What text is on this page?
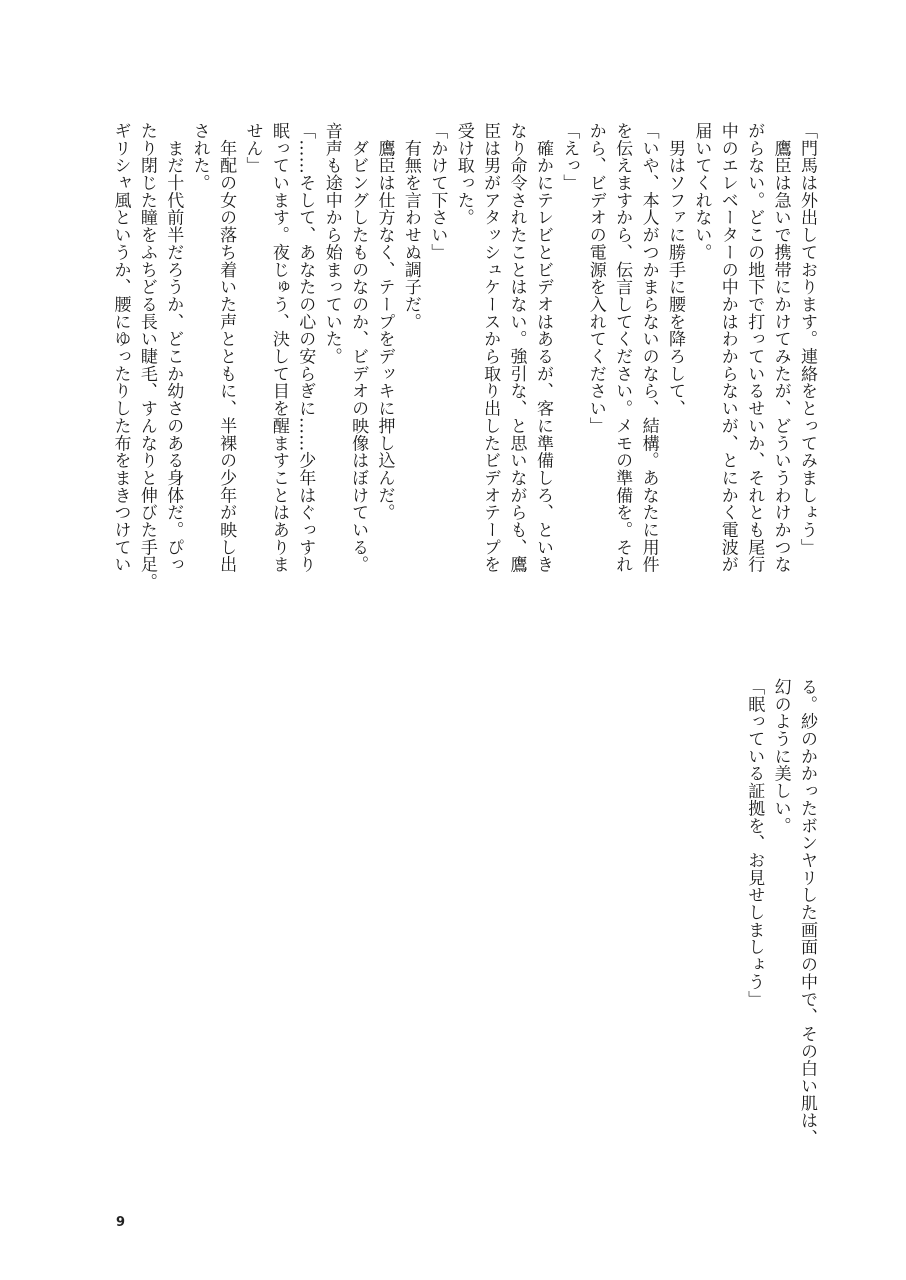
「門馬は外出しております。連絡をとってみましょう」

　鷹臣は急いで携帯にかけてみたが、どういうわけかつな

がらない。どこの地下で打っているせいか、それとも尾行

中のエレベーターの中かはわからないが、とにかく電波が

届いてくれない。

　男はソファに勝手に腰を降ろして、

「いや、本人がつかまらないのなら、結構。あなたに用件

を伝えますから、伝言してください。メモの準備を。それ

から、ビデオの電源を入れてください」

「えっ」

　確かにテレビとビデオはあるが、客に準備しろ、といき

なり命令されたことはない。強引な、と思いながらも、鷹

臣は男がアタッシュケースから取り出したビデオテープを

受け取った。

「かけて下さい」

　有無を言わせぬ調子だ。

　鷹臣は仕方なく、テープをデッキに押し込んだ。

　ダビングしたものなのか、ビデオの映像はぼけている。

音声も途中から始まっていた。

「……そして、あなたの心の安らぎに……少年はぐっすり

眠っています。夜じゅう、決して目を醒ますことはありま

せん」

　年配の女の落ち着いた声とともに、半裸の少年が映し出

された。

　まだ十代前半だろうか、どこか幼さのある身体だ。ぴっ

たり閉じた瞳をふちどる長い睫毛、すんなりと伸びた手足。

ギリシャ風というか、腰にゆったりした布をまきつけてい

る。紗のかかったボンヤリした画面の中で、その白い肌は、

幻のように美しい。

「眠っている証拠を、お見せしましょう」

9
